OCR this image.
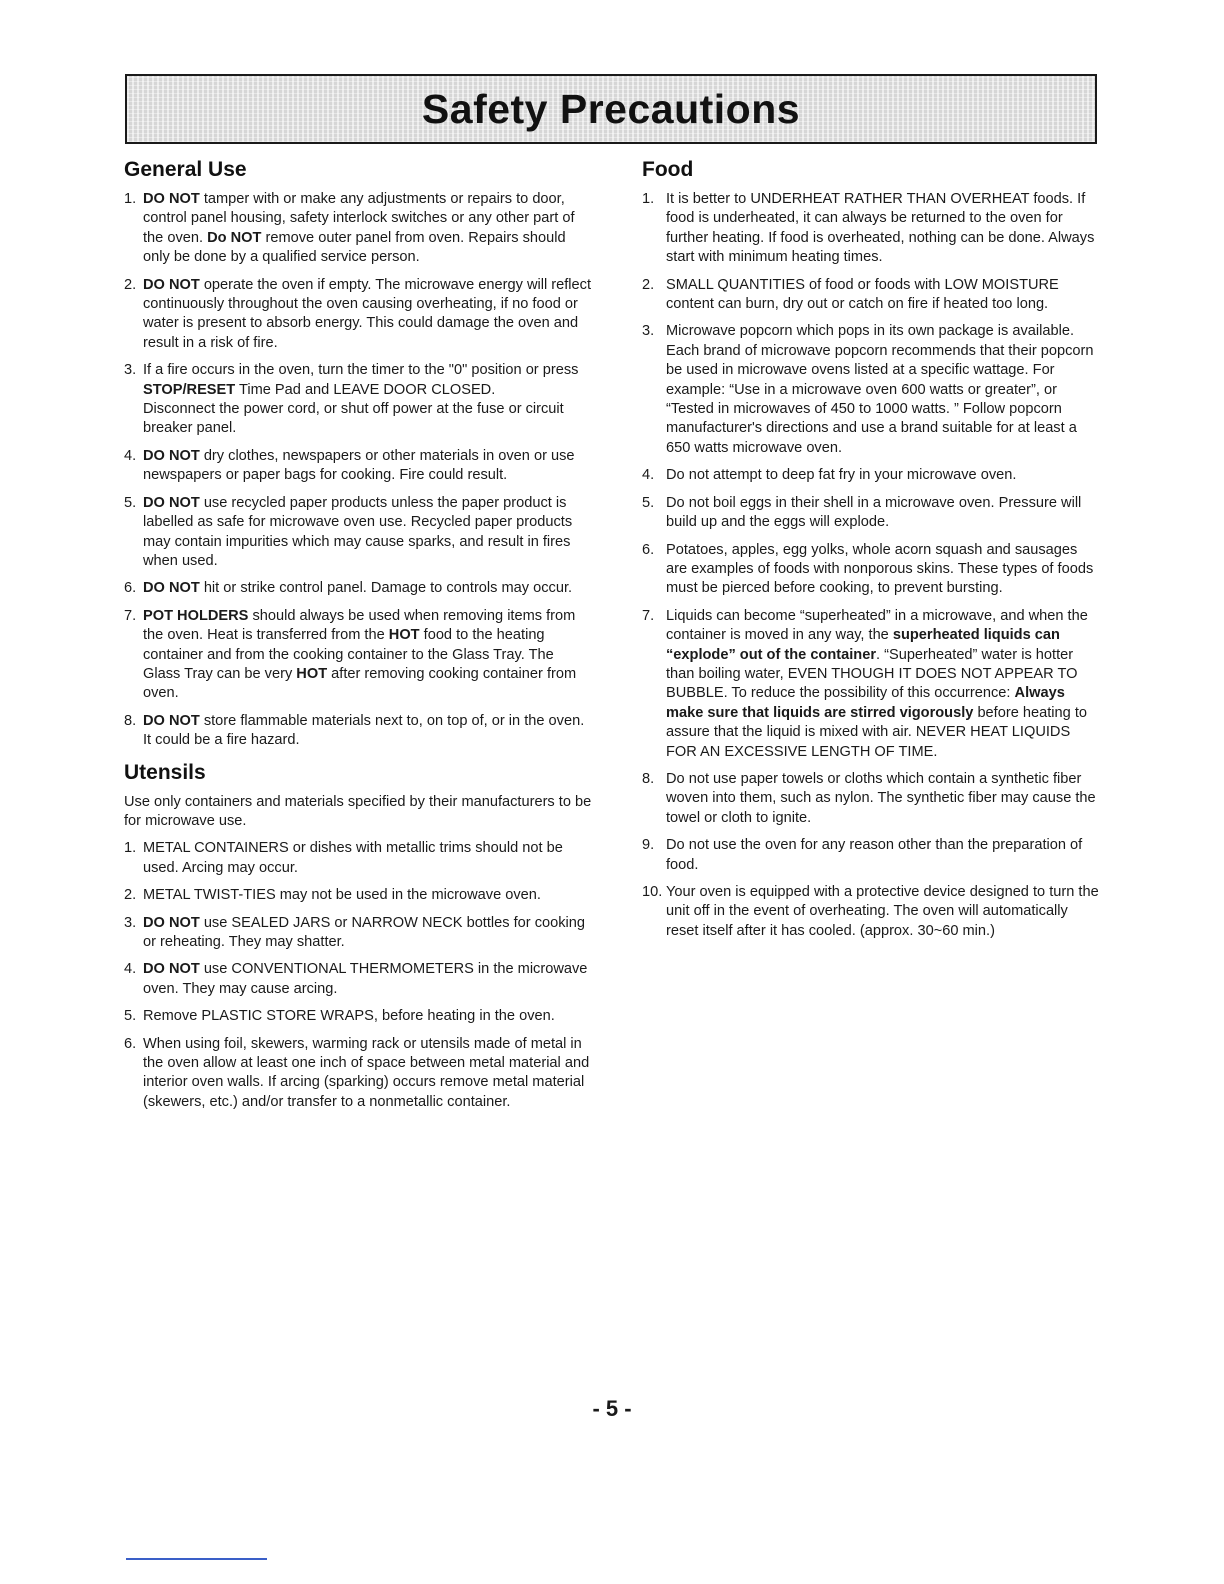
Safety Precautions
General Use
1. DO NOT tamper with or make any adjustments or repairs to door, control panel housing, safety interlock switches or any other part of the oven. Do NOT remove outer panel from oven. Repairs should only be done by a qualified service person.
2. DO NOT operate the oven if empty. The microwave energy will reflect continuously throughout the oven causing overheating, if no food or water is present to absorb energy. This could damage the oven and result in a risk of fire.
3. If a fire occurs in the oven, turn the timer to the "0" position or press STOP/RESET Time Pad and LEAVE DOOR CLOSED.
Disconnect the power cord, or shut off power at the fuse or circuit breaker panel.
4. DO NOT dry clothes, newspapers or other materials in oven or use newspapers or paper bags for cooking. Fire could result.
5. DO NOT use recycled paper products unless the paper product is labelled as safe for microwave oven use. Recycled paper products may contain impurities which may cause sparks, and result in fires when used.
6. DO NOT hit or strike control panel. Damage to controls may occur.
7. POT HOLDERS should always be used when removing items from the oven. Heat is transferred from the HOT food to the heating container and from the cooking container to the Glass Tray. The Glass Tray can be very HOT after removing cooking container from oven.
8. DO NOT store flammable materials next to, on top of, or in the oven. It could be a fire hazard.
Utensils

Use only containers and materials specified by their manufacturers to be for microwave use.

1. METAL CONTAINERS or dishes with metallic trims should not be used. Arcing may occur.
2. METAL TWIST-TIES may not be used in the microwave oven.
3. DO NOT use SEALED JARS or NARROW NECK bottles for cooking or reheating. They may shatter.
4. DO NOT use CONVENTIONAL THERMOMETERS in the microwave oven. They may cause arcing.
5. Remove PLASTIC STORE WRAPS, before heating in the oven.
6. When using foil, skewers, warming rack or utensils made of metal in the oven allow at least one inch of space between metal material and interior oven walls. If arcing (sparking) occurs remove metal material (skewers, etc.) and/or transfer to a nonmetallic container.
Food
1. It is better to UNDERHEAT RATHER THAN OVERHEAT foods. If food is underheated, it can always be returned to the oven for further heating. If food is overheated, nothing can be done. Always start with minimum heating times.
2. SMALL QUANTITIES of food or foods with LOW MOISTURE content can burn, dry out or catch on fire if heated too long.
3. Microwave popcorn which pops in its own package is available. Each brand of microwave popcorn recommends that their popcorn be used in microwave ovens listed at a specific wattage. For example: “Use in a microwave oven 600 watts or greater”, or “Tested in microwaves of 450 to 1000 watts. ” Follow popcorn manufacturer's directions and use a brand suitable for at least a 650 watts microwave oven.
4. Do not attempt to deep fat fry in your microwave oven.
5. Do not boil eggs in their shell in a microwave oven. Pressure will build up and the eggs will explode.
6. Potatoes, apples, egg yolks, whole acorn squash and sausages are examples of foods with nonporous skins. These types of foods must be pierced before cooking, to prevent bursting.
7. Liquids can become “superheated” in a microwave, and when the container is moved in any way, the superheated liquids can “explode” out of the container. “Superheated” water is hotter than boiling water, EVEN THOUGH IT DOES NOT APPEAR TO BUBBLE. To reduce the possibility of this occurrence: Always make sure that liquids are stirred vigorously before heating to assure that the liquid is mixed with air. NEVER HEAT LIQUIDS FOR AN EXCESSIVE LENGTH OF TIME.
8. Do not use paper towels or cloths which contain a synthetic fiber woven into them, such as nylon. The synthetic fiber may cause the towel or cloth to ignite.
9. Do not use the oven for any reason other than the preparation of food.
10. Your oven is equipped with a protective device designed to turn the unit off in the event of overheating. The oven will automatically reset itself after it has cooled. (approx. 30~60 min.)
- 5 -
